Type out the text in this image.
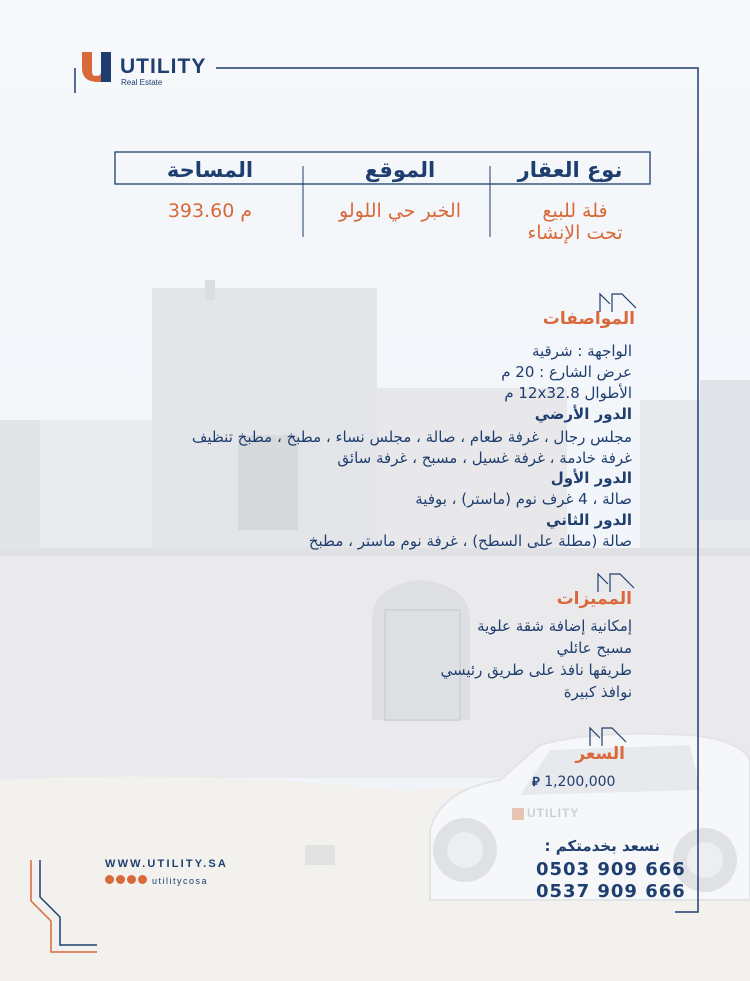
UTILITY
Real Estate
نوع العقار
الموقع
المساحة
فلة للبيع
تحت الإنشاء
الخبر حي اللولو
393.60 م
المواصفات
الواجهة : شرقية
عرض الشارع : 20 م
الأطوال 12x32.8 م
الدور الأرضي
مجلس رجال ، غرفة طعام ، صالة ، مجلس نساء ، مطبخ ، مطبخ تنظيف
غرفة خادمة ، غرفة غسيل ، مسبح ، غرفة سائق
الدور الأول
صالة ، 4 غرف نوم (ماستر) ، بوفية
الدور الثاني
صالة (مطلة على السطح) ، غرفة نوم ماستر ، مطبخ
المميزات
إمكانية إضافة شقة علوية
مسبح عائلي
طريقها نافذ على طريق رئيسي
نوافذ كبيرة
السعر
⃁ 1,200,000
نسعد بخدمتكم :
0503 909 666
0537 909 666
WWW.UTILITY.SA
utilitycosa
UTILITY
